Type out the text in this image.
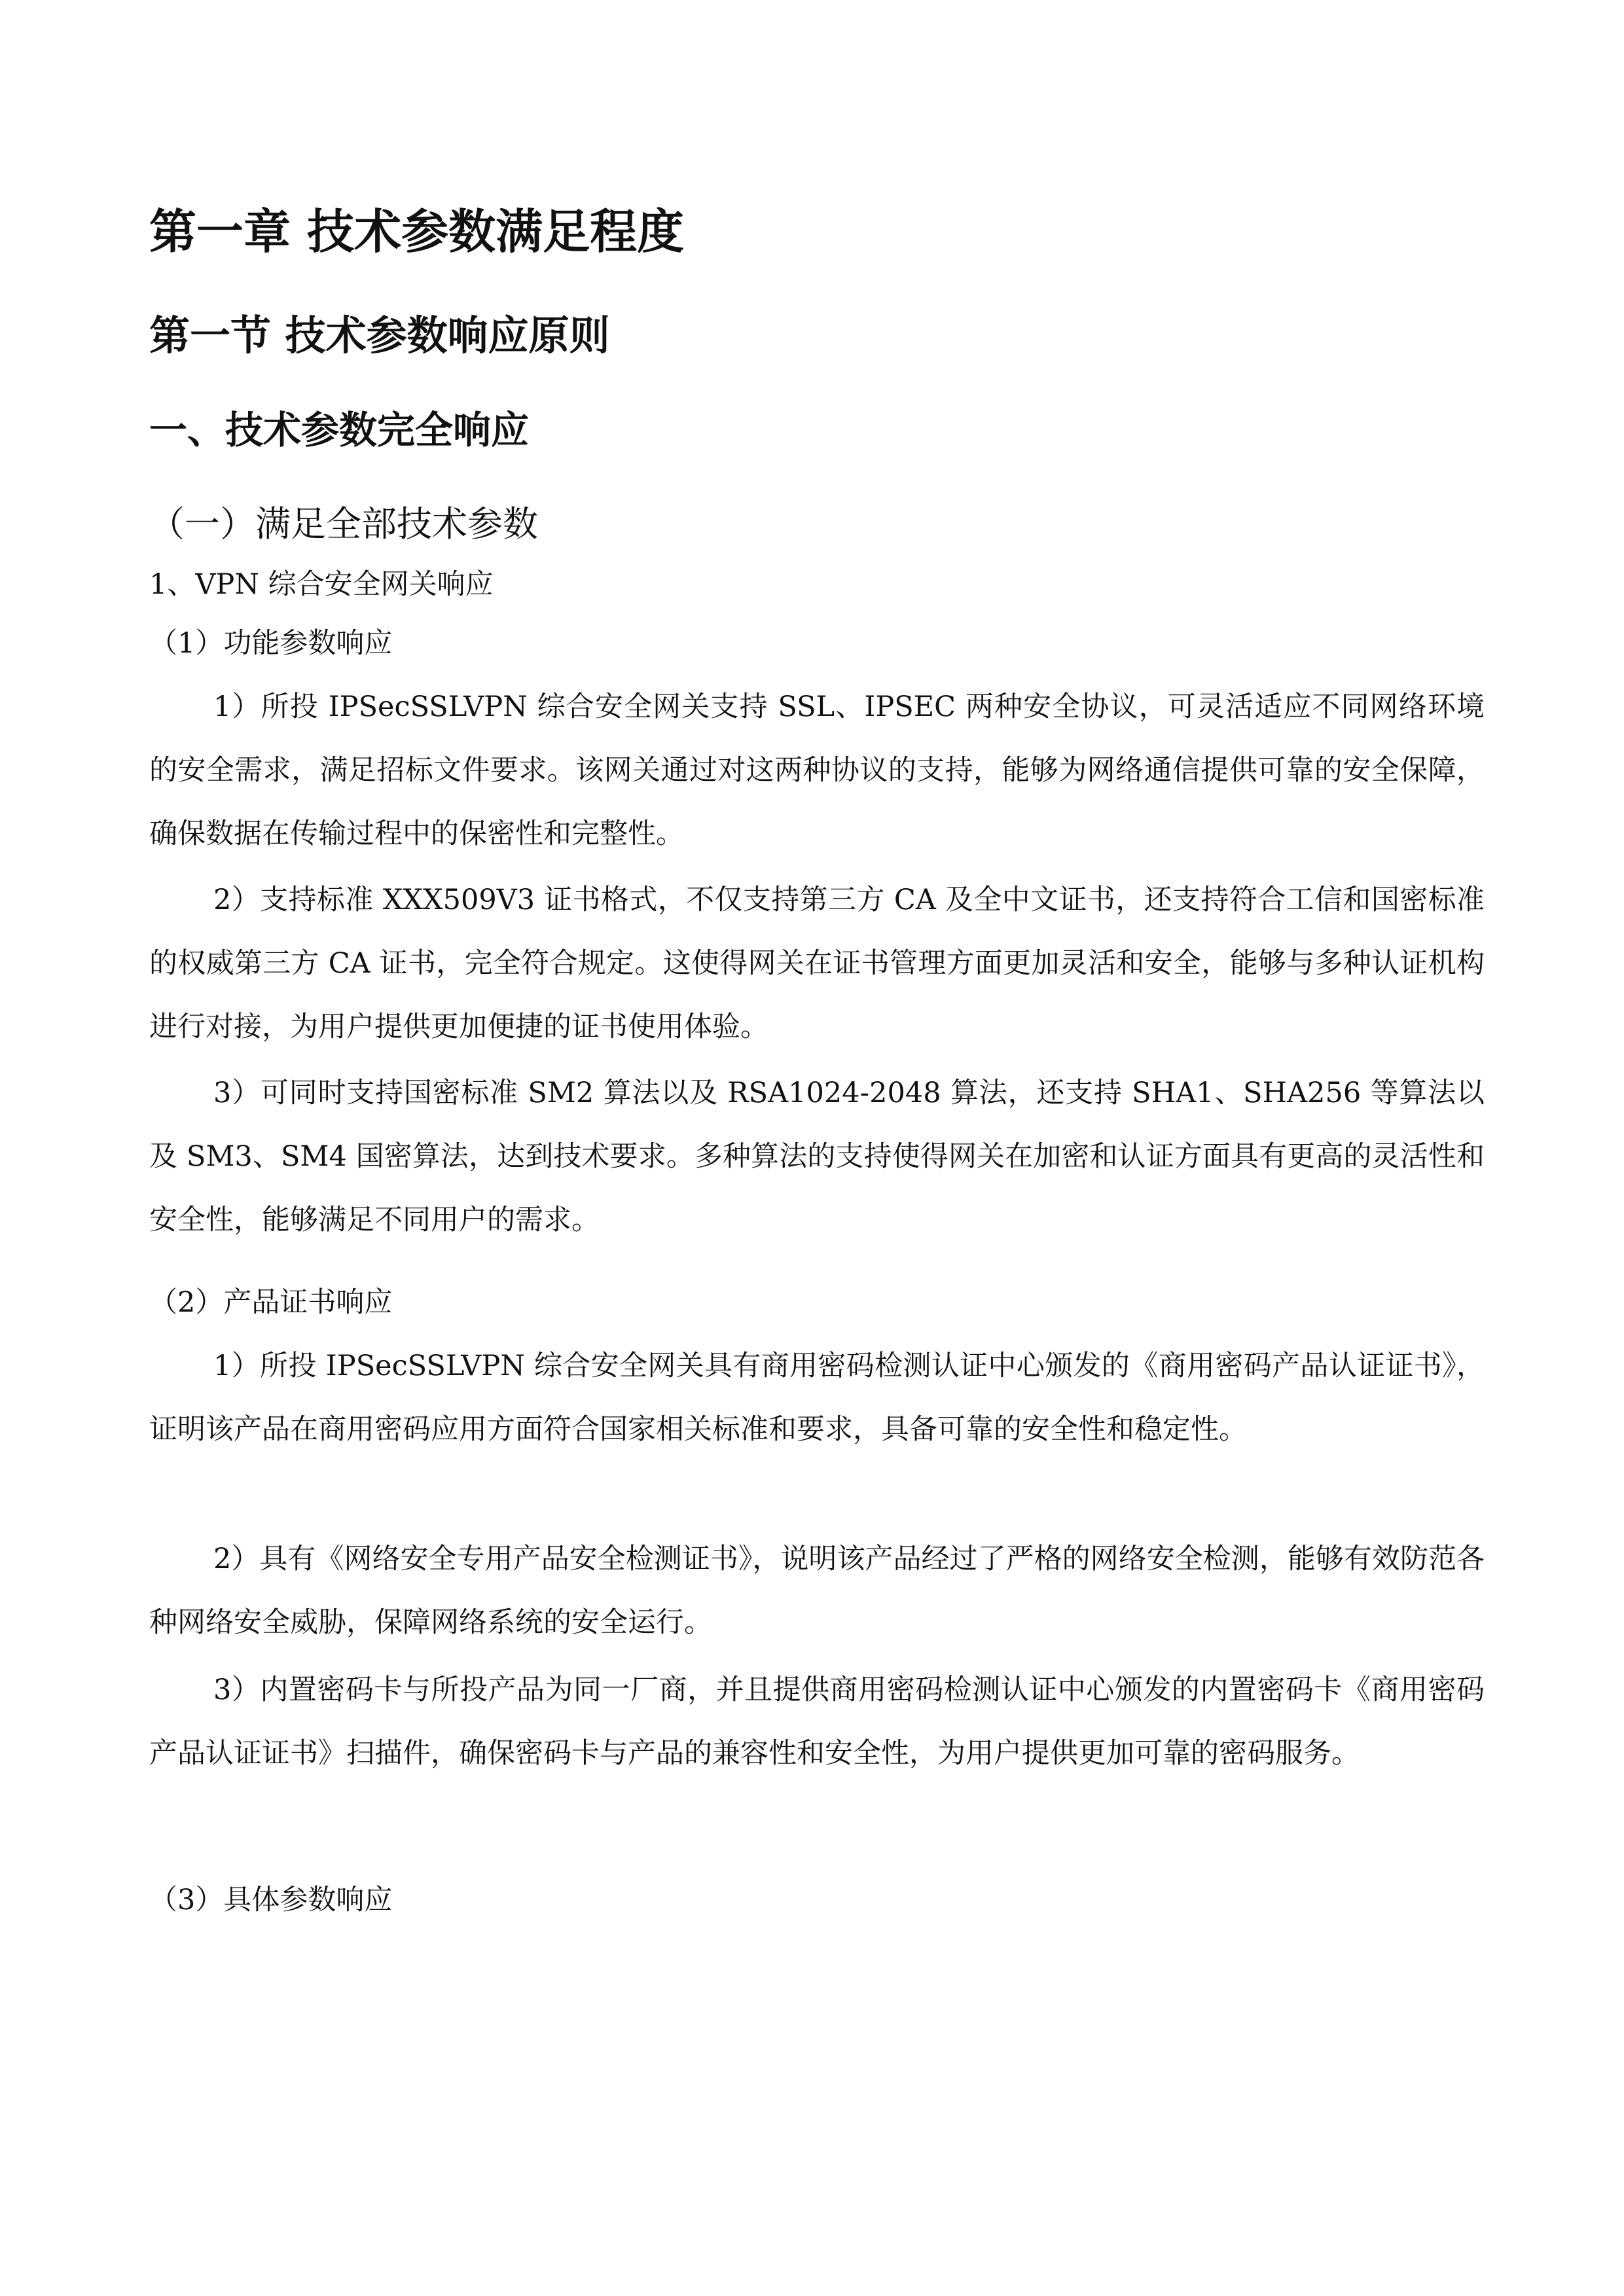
第一章 技术参数满足程度
第一节 技术参数响应原则
一、技术参数完全响应
（一）满足全部技术参数
1、VPN 综合安全网关响应
（1）功能参数响应

1）所投 IPSecSSLVPN 综合安全网关支持 SSL、IPSEC 两种安全协议，可灵活适应不同网络环境的安全需求，满足招标文件要求。该网关通过对这两种协议的支持，能够为网络通信提供可靠的安全保障，确保数据在传输过程中的保密性和完整性。

2）支持标准 XXX509V3 证书格式，不仅支持第三方 CA 及全中文证书，还支持符合工信和国密标准的权威第三方 CA 证书，完全符合规定。这使得网关在证书管理方面更加灵活和安全，能够与多种认证机构进行对接，为用户提供更加便捷的证书使用体验。

3）可同时支持国密标准 SM2 算法以及 RSA1024-2048 算法，还支持 SHA1、SHA256 等算法以及 SM3、SM4 国密算法，达到技术要求。多种算法的支持使得网关在加密和认证方面具有更高的灵活性和安全性，能够满足不同用户的需求。

（2）产品证书响应

1）所投 IPSecSSLVPN 综合安全网关具有商用密码检测认证中心颁发的《商用密码产品认证证书》，证明该产品在商用密码应用方面符合国家相关标准和要求，具备可靠的安全性和稳定性。

2）具有《网络安全专用产品安全检测证书》，说明该产品经过了严格的网络安全检测，能够有效防范各种网络安全威胁，保障网络系统的安全运行。

3）内置密码卡与所投产品为同一厂商，并且提供商用密码检测认证中心颁发的内置密码卡《商用密码产品认证证书》扫描件，确保密码卡与产品的兼容性和安全性，为用户提供更加可靠的密码服务。

（3）具体参数响应
